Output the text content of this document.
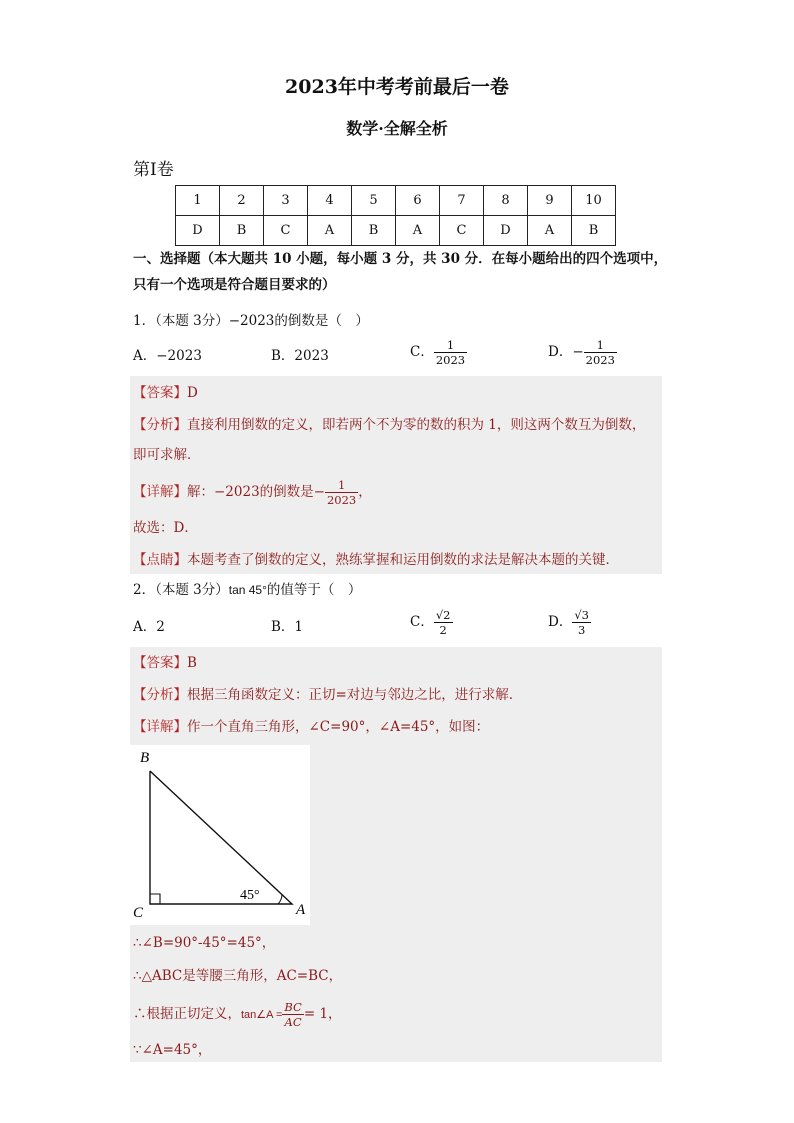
2023年中考考前最后一卷
数学·全解全析
第Ⅰ卷
1	2	3	4	5	6	7	8	9	10
D	B	C	A	B	A	C	D	A	B
一、选择题（本大题共 10 小题，每小题 3 分，共 30 分．在每小题给出的四个选项中，
只有一个选项是符合题目要求的）
1．（本题 3分）−2023的倒数是（　）
A．−2023	B．2023	C． $\frac{1}{2023}$	D．− $\frac{1}{2023}$
【答案】D
【分析】直接利用倒数的定义，即若两个不为零的数的积为 1，则这两个数互为倒数，
即可求解．
【详解】解：−2023的倒数是− $\frac{1}{2023}$ ，
故选：D．
【点睛】本题考查了倒数的定义，熟练掌握和运用倒数的求法是解决本题的关键．
2．（本题 3分）tan 45°的值等于（　）
A．2	B．1	C． $\frac{√2}{2}$	D． $\frac{√3}{3}$
【答案】B
【分析】根据三角函数定义：正切=对边与邻边之比，进行求解．
【详解】作一个直角三角形，∠C=90°，∠A=45°，如图：
B
C	A
45°
∴∠B=90°-45°=45°，
∴△ABC是等腰三角形，AC=BC，
∴根据正切定义，tan∠A = $\frac{BC}{AC} = 1$，
∵∠A=45°，
